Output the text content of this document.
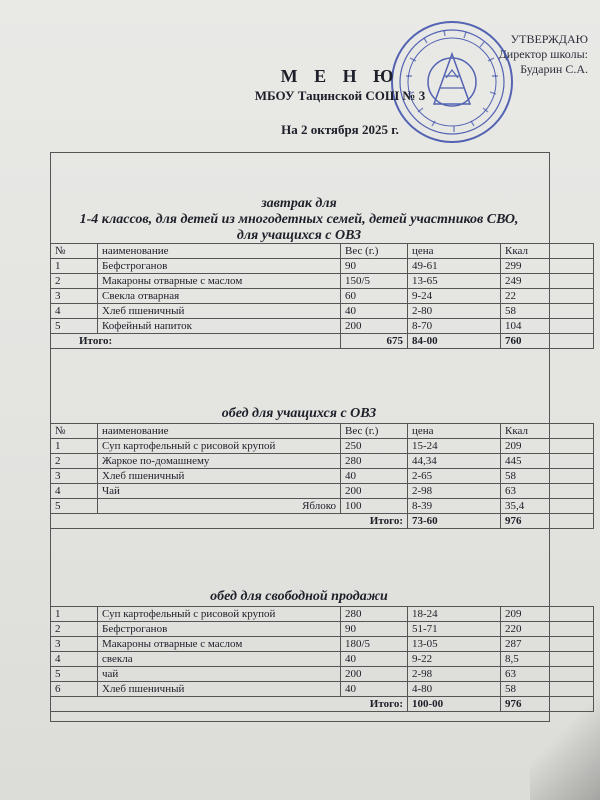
УТВЕРЖДАЮ
Директор школы:
Бударин С.А.
М Е Н Ю
МБОУ Тацинской СОШ № 3
На 2 октября 2025 г.
завтрак для
1-4 классов, для детей из многодетных семей, детей участников СВО,
для учащихся с ОВЗ
№	наименование	Вес (г.)	цена	Ккал
1	Бефстроганов	90	49-61	299
2	Макароны отварные с маслом	150/5	13-65	249
3	Свекла отварная	60	9-24	22
4	Хлеб пшеничный	40	2-80	58
5	Кофейный напиток	200	8-70	104
Итого:		675	84-00	760
обед для учащихся с ОВЗ
№	наименование	Вес (г.)	цена	Ккал
1	Суп картофельный с рисовой крупой	250	15-24	209
2	Жаркое по-домашнему	280	44,34	445
3	Хлеб пшеничный	40	2-65	58
4	Чай	200	2-98	63
5	Яблоко	100	8-39	35,4
Итого:			73-60	976
обед для свободной продажи
1	Суп картофельный с рисовой крупой	280	18-24	209
2	Бефстроганов	90	51-71	220
3	Макароны отварные с маслом	180/5	13-05	287
4	свекла	40	9-22	8,5
5	чай	200	2-98	63
6	Хлеб пшеничный	40	4-80	58
Итого:			100-00	976
